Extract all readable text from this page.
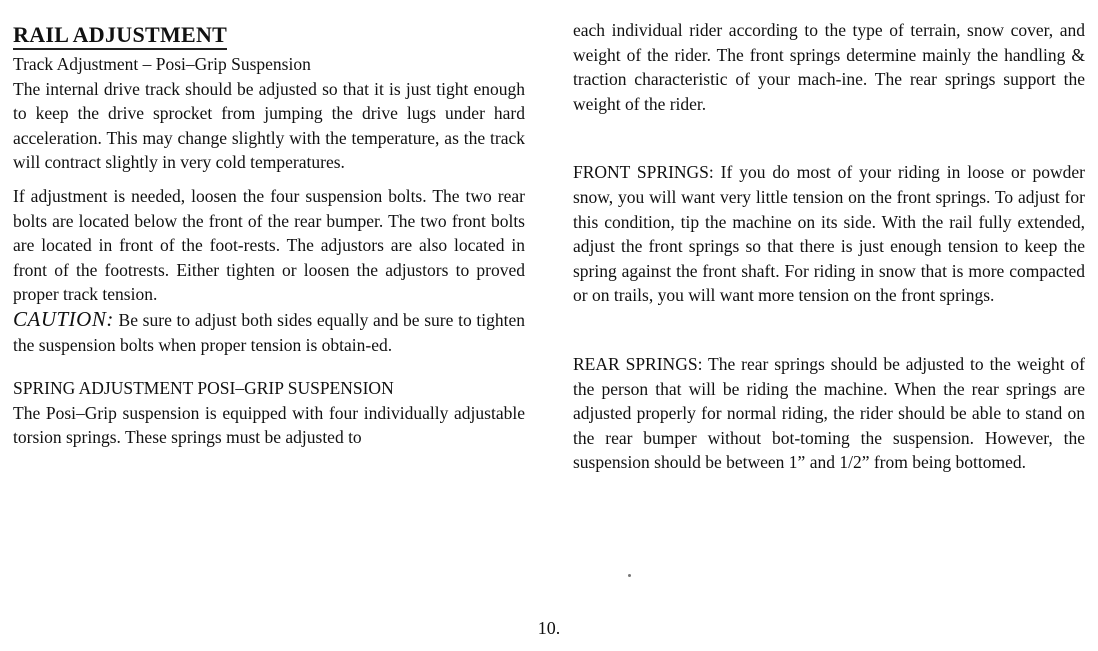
RAIL ADJUSTMENT

Track Adjustment – Posi–Grip Suspension

The internal drive track should be adjusted so that it is just tight enough to keep the drive sprocket from jumping the drive lugs under hard acceleration. This may change slightly with the temperature, as the track will contract slightly in very cold temperatures.

If adjustment is needed, loosen the four suspension bolts. The two rear bolts are located below the front of the rear bumper. The two front bolts are located in front of the foot-rests. The adjustors are also located in front of the footrests. Either tighten or loosen the adjustors to proved proper track tension.

CAUTION: Be sure to adjust both sides equally and be sure to tighten the suspension bolts when proper tension is obtain-ed.

SPRING ADJUSTMENT POSI–GRIP SUSPENSION

The Posi–Grip suspension is equipped with four individually adjustable torsion springs. These springs must be adjusted to

each individual rider according to the type of terrain, snow cover, and weight of the rider. The front springs determine mainly the handling & traction characteristic of your mach-ine. The rear springs support the weight of the rider.

FRONT SPRINGS: If you do most of your riding in loose or powder snow, you will want very little tension on the front springs. To adjust for this condition, tip the machine on its side. With the rail fully extended, adjust the front springs so that there is just enough tension to keep the spring against the front shaft. For riding in snow that is more compacted or on trails, you will want more tension on the front springs.

REAR SPRINGS: The rear springs should be adjusted to the weight of the person that will be riding the machine. When the rear springs are adjusted properly for normal riding, the rider should be able to stand on the rear bumper without bot-toming the suspension. However, the suspension should be between 1” and 1/2” from being bottomed.

10.
